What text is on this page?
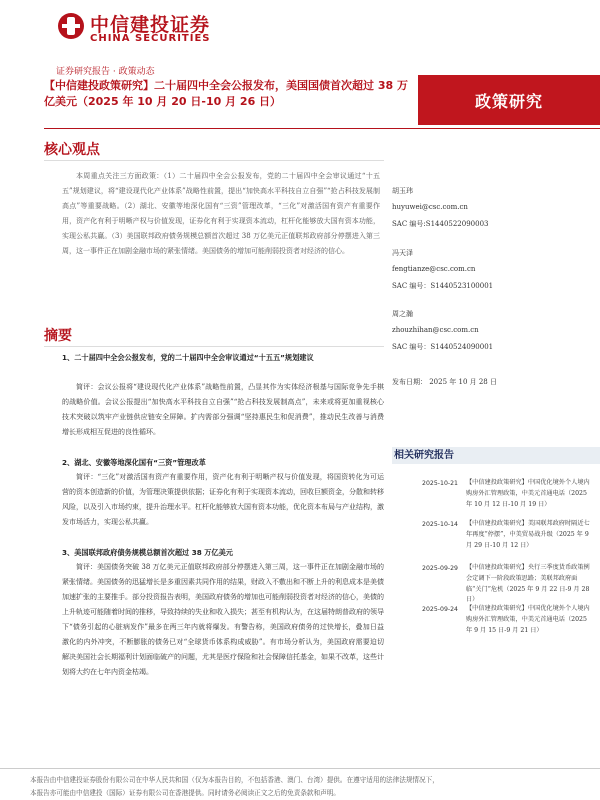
中信建投证券
CHINA SECURITIES
证券研究报告 · 政策动态
【中信建投政策研究】二十届四中全会公报发布，美国国债首次超过 38 万亿美元（2025 年 10 月 20 日-10 月 26 日）	政策研究
核心观点
本周重点关注三方面政策：（1）二十届四中全会公报发布，党的二十届四中全会审议通过“十五五”规划建议，将“建设现代化产业体系”战略性前置，提出“加快高水平科技自立自强”“抢占科技发展制高点”等重要战略。（2）湖北、安徽等地深化国有“三资”管理改革，“三化”对激活国有资产有重要作用，资产化有利于明晰产权与价值发现，证券化有利于实现资本流动，杠杆化能够放大国有资本功能，实现公私共赢。（3）美国联邦政府债务规模总额首次超过 38 万亿美元正值联邦政府部分停摆进入第三周，这一事件正在加剧金融市场的紧张情绪。美国债务的增加可能削弱投资者对经济的信心。
摘要
1、二十届四中全会公报发布，党的二十届四中全会审议通过“十五五”规划建议
简评：会议公报将“建设现代化产业体系”战略性前置，凸显其作为实体经济根基与国际竞争先手棋的战略价值。会议公报提出“加快高水平科技自立自强”“抢占科技发展制高点”，未来或将更加重视核心技术突破以筑牢产业链供应链安全屏障。扩内需部分强调“坚持惠民生和促消费”，推动民生改善与消费增长形成相互促进的良性循环。
2、湖北、安徽等地深化国有“三资”管理改革
简评：“三化”对激活国有资产有重要作用，资产化有利于明晰产权与价值发现，将国资转化为可运营的资本创造新的价值，为管理决策提供依据；证券化有利于实现资本流动，回收巨额资金，分散和转移风险，以及引入市场约束，提升治理水平。杠杆化能够放大国有资本功能，优化资本布局与产业结构，激发市场活力，实现公私共赢。
3、美国联邦政府债务规模总额首次超过 38 万亿美元
简评：美国债务突破 38 万亿美元正值联邦政府部分停摆进入第三周，这一事件正在加剧金融市场的紧张情绪。美国债务的迅猛增长是多重因素共同作用的结果，财政入不敷出和不断上升的利息成本是美债加速扩张的主要推手。部分投资报告表明，美国政府债务的增加也可能削弱投资者对经济的信心，美债的上升轨迹可能随着时间的推移，导致持续的失业和收入损失；甚至有机构认为，在这届特朗普政府的领导下“债务引起的心脏病发作”最多在两三年内就将爆发。有警告称，美国政府债务的过快增长，叠加日益激化的内外冲突，不断膨胀的债务已对“全球货币体系构成威胁”。有市场分析认为，美国政府需要迫切解决美国社会长期福利计划面临破产的问题，尤其是医疗保险和社会保障信托基金，如果不改革，这些计划将大约在七年内资金枯竭。
胡玉玮
huyuwei@csc.com.cn
SAC 编号:S1440522090003
冯天泽
fengtianze@csc.com.cn
SAC 编号：S1440523100001
周之瀚
zhouzhihan@csc.com.cn
SAC 编号：S1440524090001
发布日期： 2025 年 10 月 28 日
相关研究报告
2025-10-21 【中信建投政策研究】中国优化境外个人境内购房外汇管理政策，中美元首通电话（2025 年 10 月 12 日-10 月 19 日）
2025-10-14 【中信建投政策研究】美国联邦政府时隔近七年再度“停摆”，中美贸易战升级（2025 年 9 月 29 日-10 月 12 日）
2025-09-29 【中信建投政策研究】央行三季度货币政策例会定调下一阶段政策思路；美联邦政府面临“关门”危机（2025 年 9 月 22 日-9 月 28 日）
2025-09-24 【中信建投政策研究】中国优化境外个人境内购房外汇管理政策，中美元首通电话（2025 年 9 月 15 日-9 月 21 日）
本报告由中信建投证券股份有限公司在中华人民共和国（仅为本报告目的，不包括香港、澳门、台湾）提供。在遵守适用的法律法规情况下，
本报告亦可能由中信建投（国际）证券有限公司在香港提供。同时请务必阅读正文之后的免责条款和声明。
